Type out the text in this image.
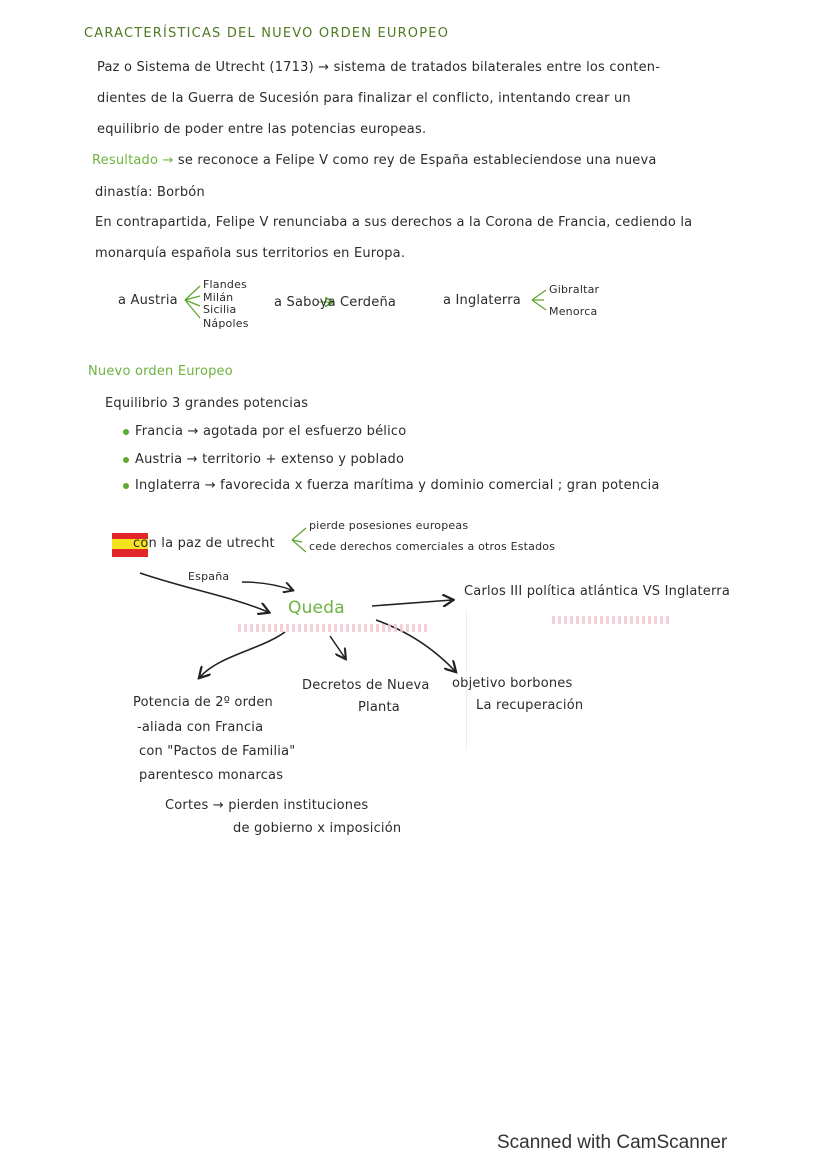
CARACTERÍSTICAS DEL NUEVO ORDEN EUROPEO
Paz o Sistema de Utrecht (1713) → sistema de tratados bilaterales entre los conten-
dientes de la Guerra de Sucesión para finalizar el conflicto, intentando crear un
equilibrio de poder entre las potencias europeas.
Resultado → se reconoce a Felipe V como rey de España estableciendose una nueva
dinastía: Borbón
En contrapartida, Felipe V renunciaba a sus derechos a la Corona de Francia, cediendo la
monarquía española sus territorios en Europa.
a Austria
Flandes
Milán
Sicilia
Nápoles
a Saboya Cerdeña	a Inglaterra
Gibraltar
Menorca
Nuevo orden Europeo
Equilibrio 3 grandes potencias
Francia → agotada por el esfuerzo bélico
Austria → territorio + extenso y poblado
Inglaterra → favorecida x fuerza marítima y dominio comercial ; gran potencia
con la paz de utrecht
pierde posesiones europeas
cede derechos comerciales a otros Estados
España
Queda
Carlos III política atlántica VS Inglaterra
Decretos de Nueva
Planta
objetivo borbones
La recuperación
Potencia de 2º orden
-aliada con Francia
con "Pactos de Familia"
parentesco monarcas
Cortes → pierden instituciones
de gobierno x imposición
Scanned with CamScanner
